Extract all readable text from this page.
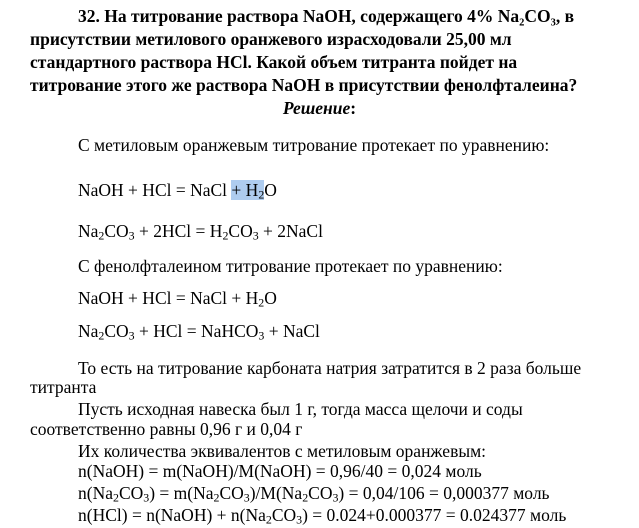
32. На титрование раствора NaOH, содержащего 4% Na₂CO₃, в
присутствии метилового оранжевого израсходовали 25,00 мл
стандартного раствора HCl. Какой объем титранта пойдет на
титрование этого же раствора NaOH в присутствии фенолфталеина?
Решение:
С метиловым оранжевым титрование протекает по уравнению:
NaOH + HCl = NaCl + $H_2O$
$Na_2CO_3 + 2HCl = H_2CO_3$ + 2NaCl
С фенолфталеином титрование протекает по уравнению:
NaOH + HCl = NaCl + $H_2O$
$Na_2CO_3$ + HCl = NaHCO$_3$ + NaCl
То есть на титрование карбоната натрия затратится в 2 раза больше
титранта
Пусть исходная навеска был 1 г, тогда масса щелочи и соды
соответственно равны 0,96 г и 0,04 г
Их количества эквивалентов с метиловым оранжевым:
n(NaOH) = m(NaOH)/M(NaOH) = 0,96/40 = 0,024 моль
$n(Na_2CO_3) = m(Na_2CO_3)/M(Na_2CO_3) = 0,04/106 = 0,000377$ моль
n(HCl) = n(NaOH) + $n(Na_2CO_3) = 0.024+0.000377 = 0.024377$ моль
